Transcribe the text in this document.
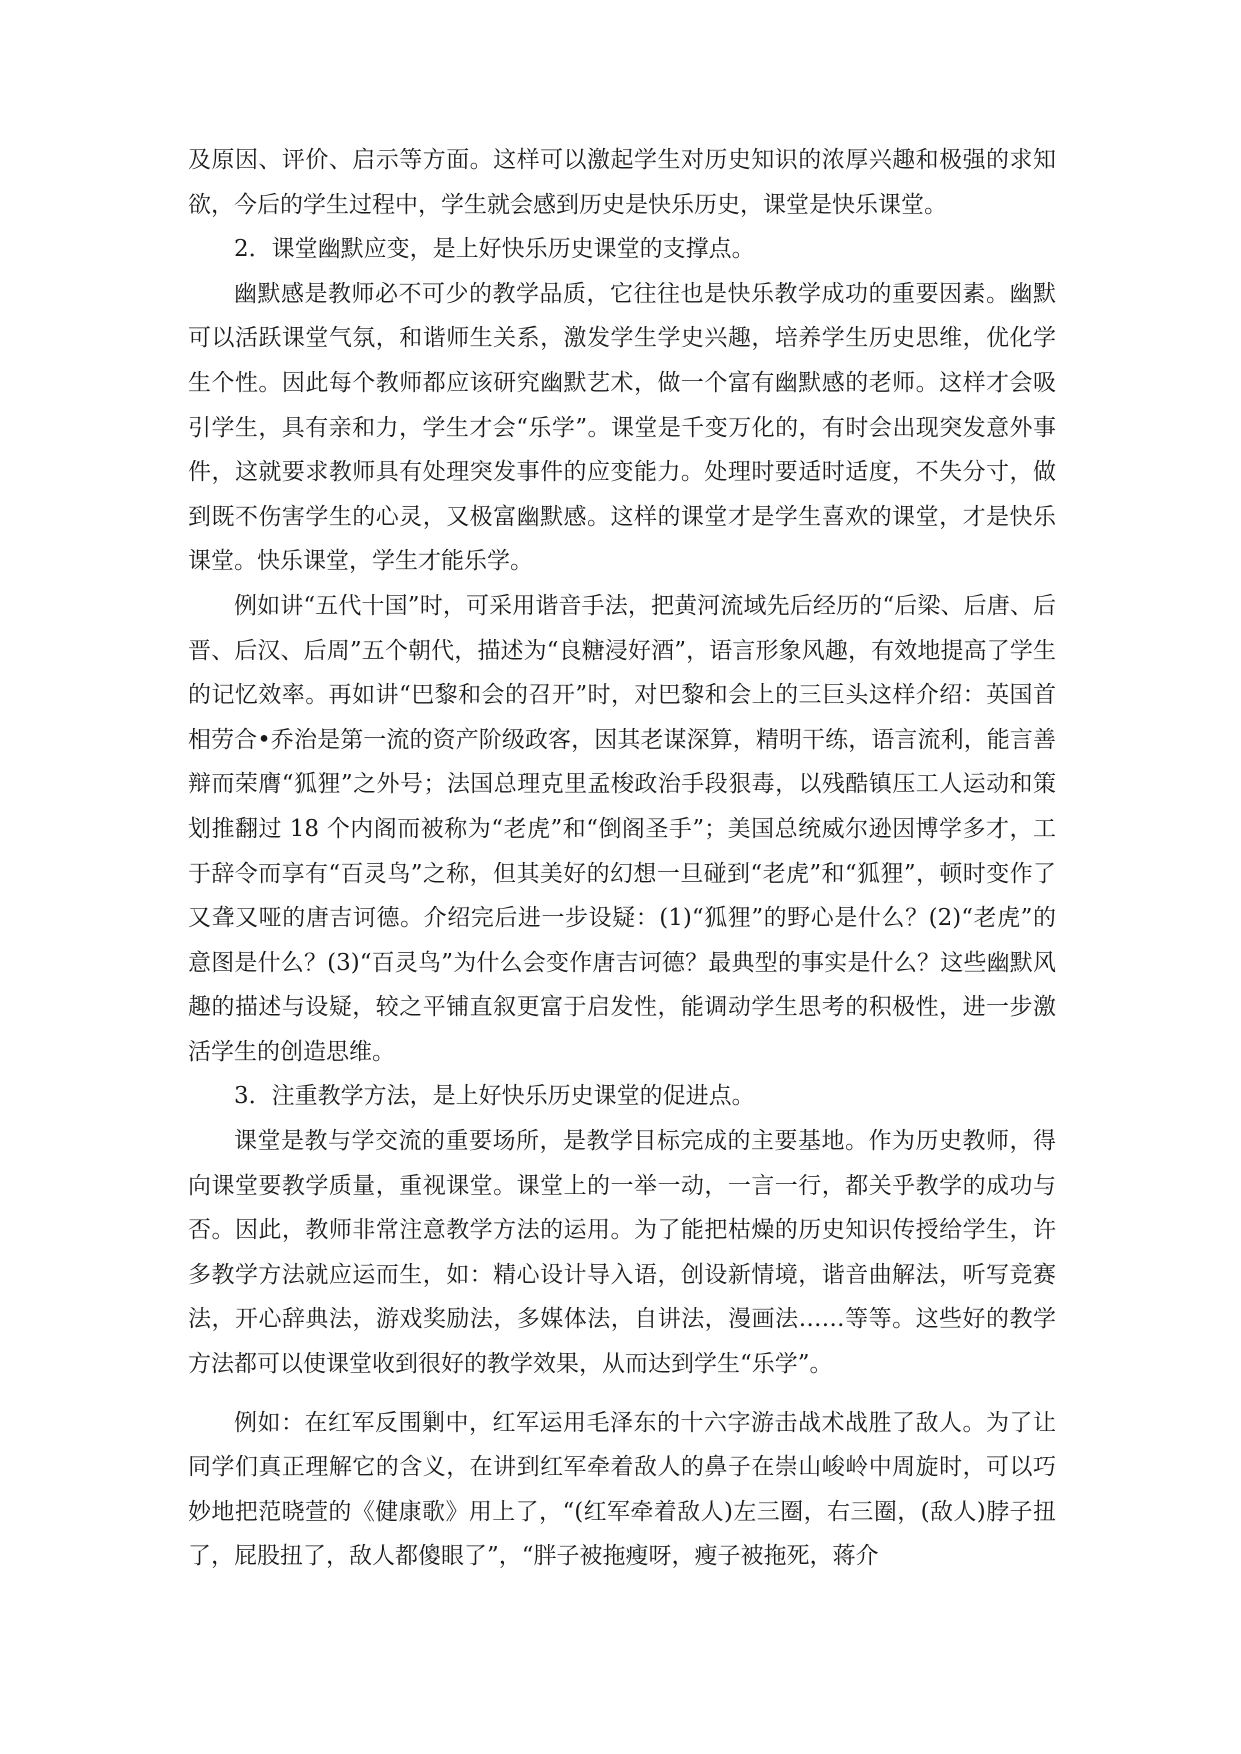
及原因、评价、启示等方面。这样可以激起学生对历史知识的浓厚兴趣和极强的求知欲，今后的学生过程中，学生就会感到历史是快乐历史，课堂是快乐课堂。

2．课堂幽默应变，是上好快乐历史课堂的支撑点。

幽默感是教师必不可少的教学品质，它往往也是快乐教学成功的重要因素。幽默可以活跃课堂气氛，和谐师生关系，激发学生学史兴趣，培养学生历史思维，优化学生个性。因此每个教师都应该研究幽默艺术，做一个富有幽默感的老师。这样才会吸引学生，具有亲和力，学生才会“乐学”。课堂是千变万化的，有时会出现突发意外事件，这就要求教师具有处理突发事件的应变能力。处理时要适时适度，不失分寸，做到既不伤害学生的心灵，又极富幽默感。这样的课堂才是学生喜欢的课堂，才是快乐课堂。快乐课堂，学生才能乐学。

例如讲“五代十国”时，可采用谐音手法，把黄河流域先后经历的“后梁、后唐、后晋、后汉、后周”五个朝代，描述为“良糖浸好酒”，语言形象风趣，有效地提高了学生的记忆效率。再如讲“巴黎和会的召开”时，对巴黎和会上的三巨头这样介绍：英国首相劳合•乔治是第一流的资产阶级政客，因其老谋深算，精明干练，语言流利，能言善辩而荣膺“狐狸”之外号；法国总理克里孟梭政治手段狠毒，以残酷镇压工人运动和策划推翻过 18 个内阁而被称为“老虎”和“倒阁圣手”；美国总统威尔逊因博学多才，工于辞令而享有“百灵鸟”之称，但其美好的幻想一旦碰到“老虎”和“狐狸”，顿时变作了又聋又哑的唐吉诃德。介绍完后进一步设疑：(1)“狐狸”的野心是什么？(2)“老虎”的意图是什么？(3)“百灵鸟”为什么会变作唐吉诃德？最典型的事实是什么？这些幽默风趣的描述与设疑，较之平铺直叙更富于启发性，能调动学生思考的积极性，进一步激活学生的创造思维。

3．注重教学方法，是上好快乐历史课堂的促进点。

课堂是教与学交流的重要场所，是教学目标完成的主要基地。作为历史教师，得向课堂要教学质量，重视课堂。课堂上的一举一动，一言一行，都关乎教学的成功与否。因此，教师非常注意教学方法的运用。为了能把枯燥的历史知识传授给学生，许多教学方法就应运而生，如：精心设计导入语，创设新情境，谐音曲解法，听写竞赛法，开心辞典法，游戏奖励法，多媒体法，自讲法，漫画法……等等。这些好的教学方法都可以使课堂收到很好的教学效果，从而达到学生“乐学”。

例如：在红军反围剿中，红军运用毛泽东的十六字游击战术战胜了敌人。为了让同学们真正理解它的含义，在讲到红军牵着敌人的鼻子在崇山峻岭中周旋时，可以巧妙地把范晓萱的《健康歌》用上了，“(红军牵着敌人)左三圈，右三圈，(敌人)脖子扭了，屁股扭了，敌人都傻眼了”，“胖子被拖瘦呀，瘦子被拖死，蒋介
